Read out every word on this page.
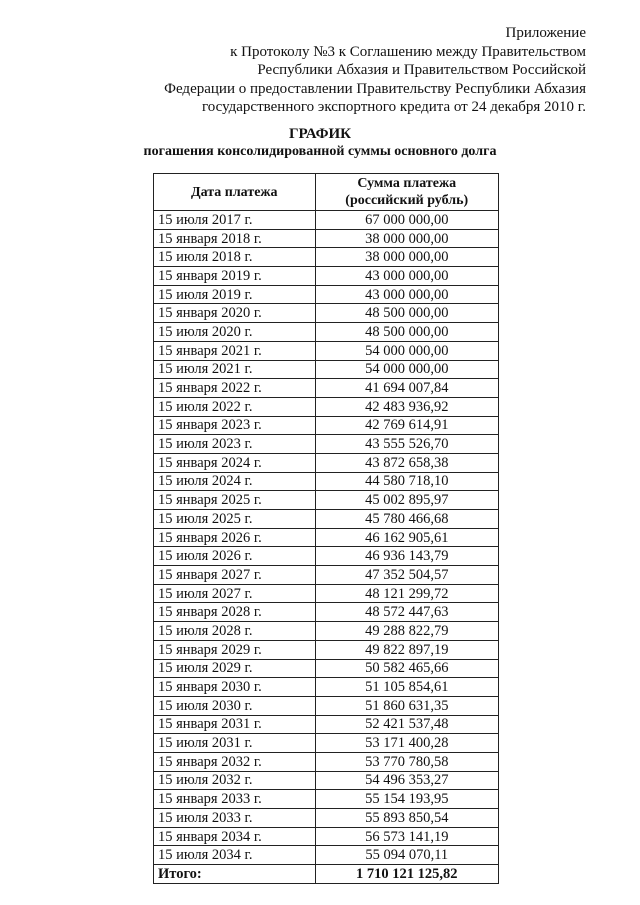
Приложение
к Протоколу №3 к Соглашению между Правительством
Республики Абхазия и Правительством Российской
Федерации о предоставлении Правительству Республики Абхазия
государственного экспортного кредита от 24 декабря 2010 г.
ГРАФИК
погашения консолидированной суммы основного долга
Дата платежа	Сумма платежа
(российский рубль)

15 июля 2017 г.	67 000 000,00
15 января 2018 г.	38 000 000,00
15 июля 2018 г.	38 000 000,00
15 января 2019 г.	43 000 000,00
15 июля 2019 г.	43 000 000,00
15 января 2020 г.	48 500 000,00
15 июля 2020 г.	48 500 000,00
15 января 2021 г.	54 000 000,00
15 июля 2021 г.	54 000 000,00
15 января 2022 г.	41 694 007,84
15 июля 2022 г.	42 483 936,92
15 января 2023 г.	42 769 614,91
15 июля 2023 г.	43 555 526,70
15 января 2024 г.	43 872 658,38
15 июля 2024 г.	44 580 718,10
15 января 2025 г.	45 002 895,97
15 июля 2025 г.	45 780 466,68
15 января 2026 г.	46 162 905,61
15 июля 2026 г.	46 936 143,79
15 января 2027 г.	47 352 504,57
15 июля 2027 г.	48 121 299,72
15 января 2028 г.	48 572 447,63
15 июля 2028 г.	49 288 822,79
15 января 2029 г.	49 822 897,19
15 июля 2029 г.	50 582 465,66
15 января 2030 г.	51 105 854,61
15 июля 2030 г.	51 860 631,35
15 января 2031 г.	52 421 537,48
15 июля 2031 г.	53 171 400,28
15 января 2032 г.	53 770 780,58
15 июля 2032 г.	54 496 353,27
15 января 2033 г.	55 154 193,95
15 июля 2033 г.	55 893 850,54
15 января 2034 г.	56 573 141,19
15 июля 2034 г.	55 094 070,11
Итого:	1 710 121 125,82
